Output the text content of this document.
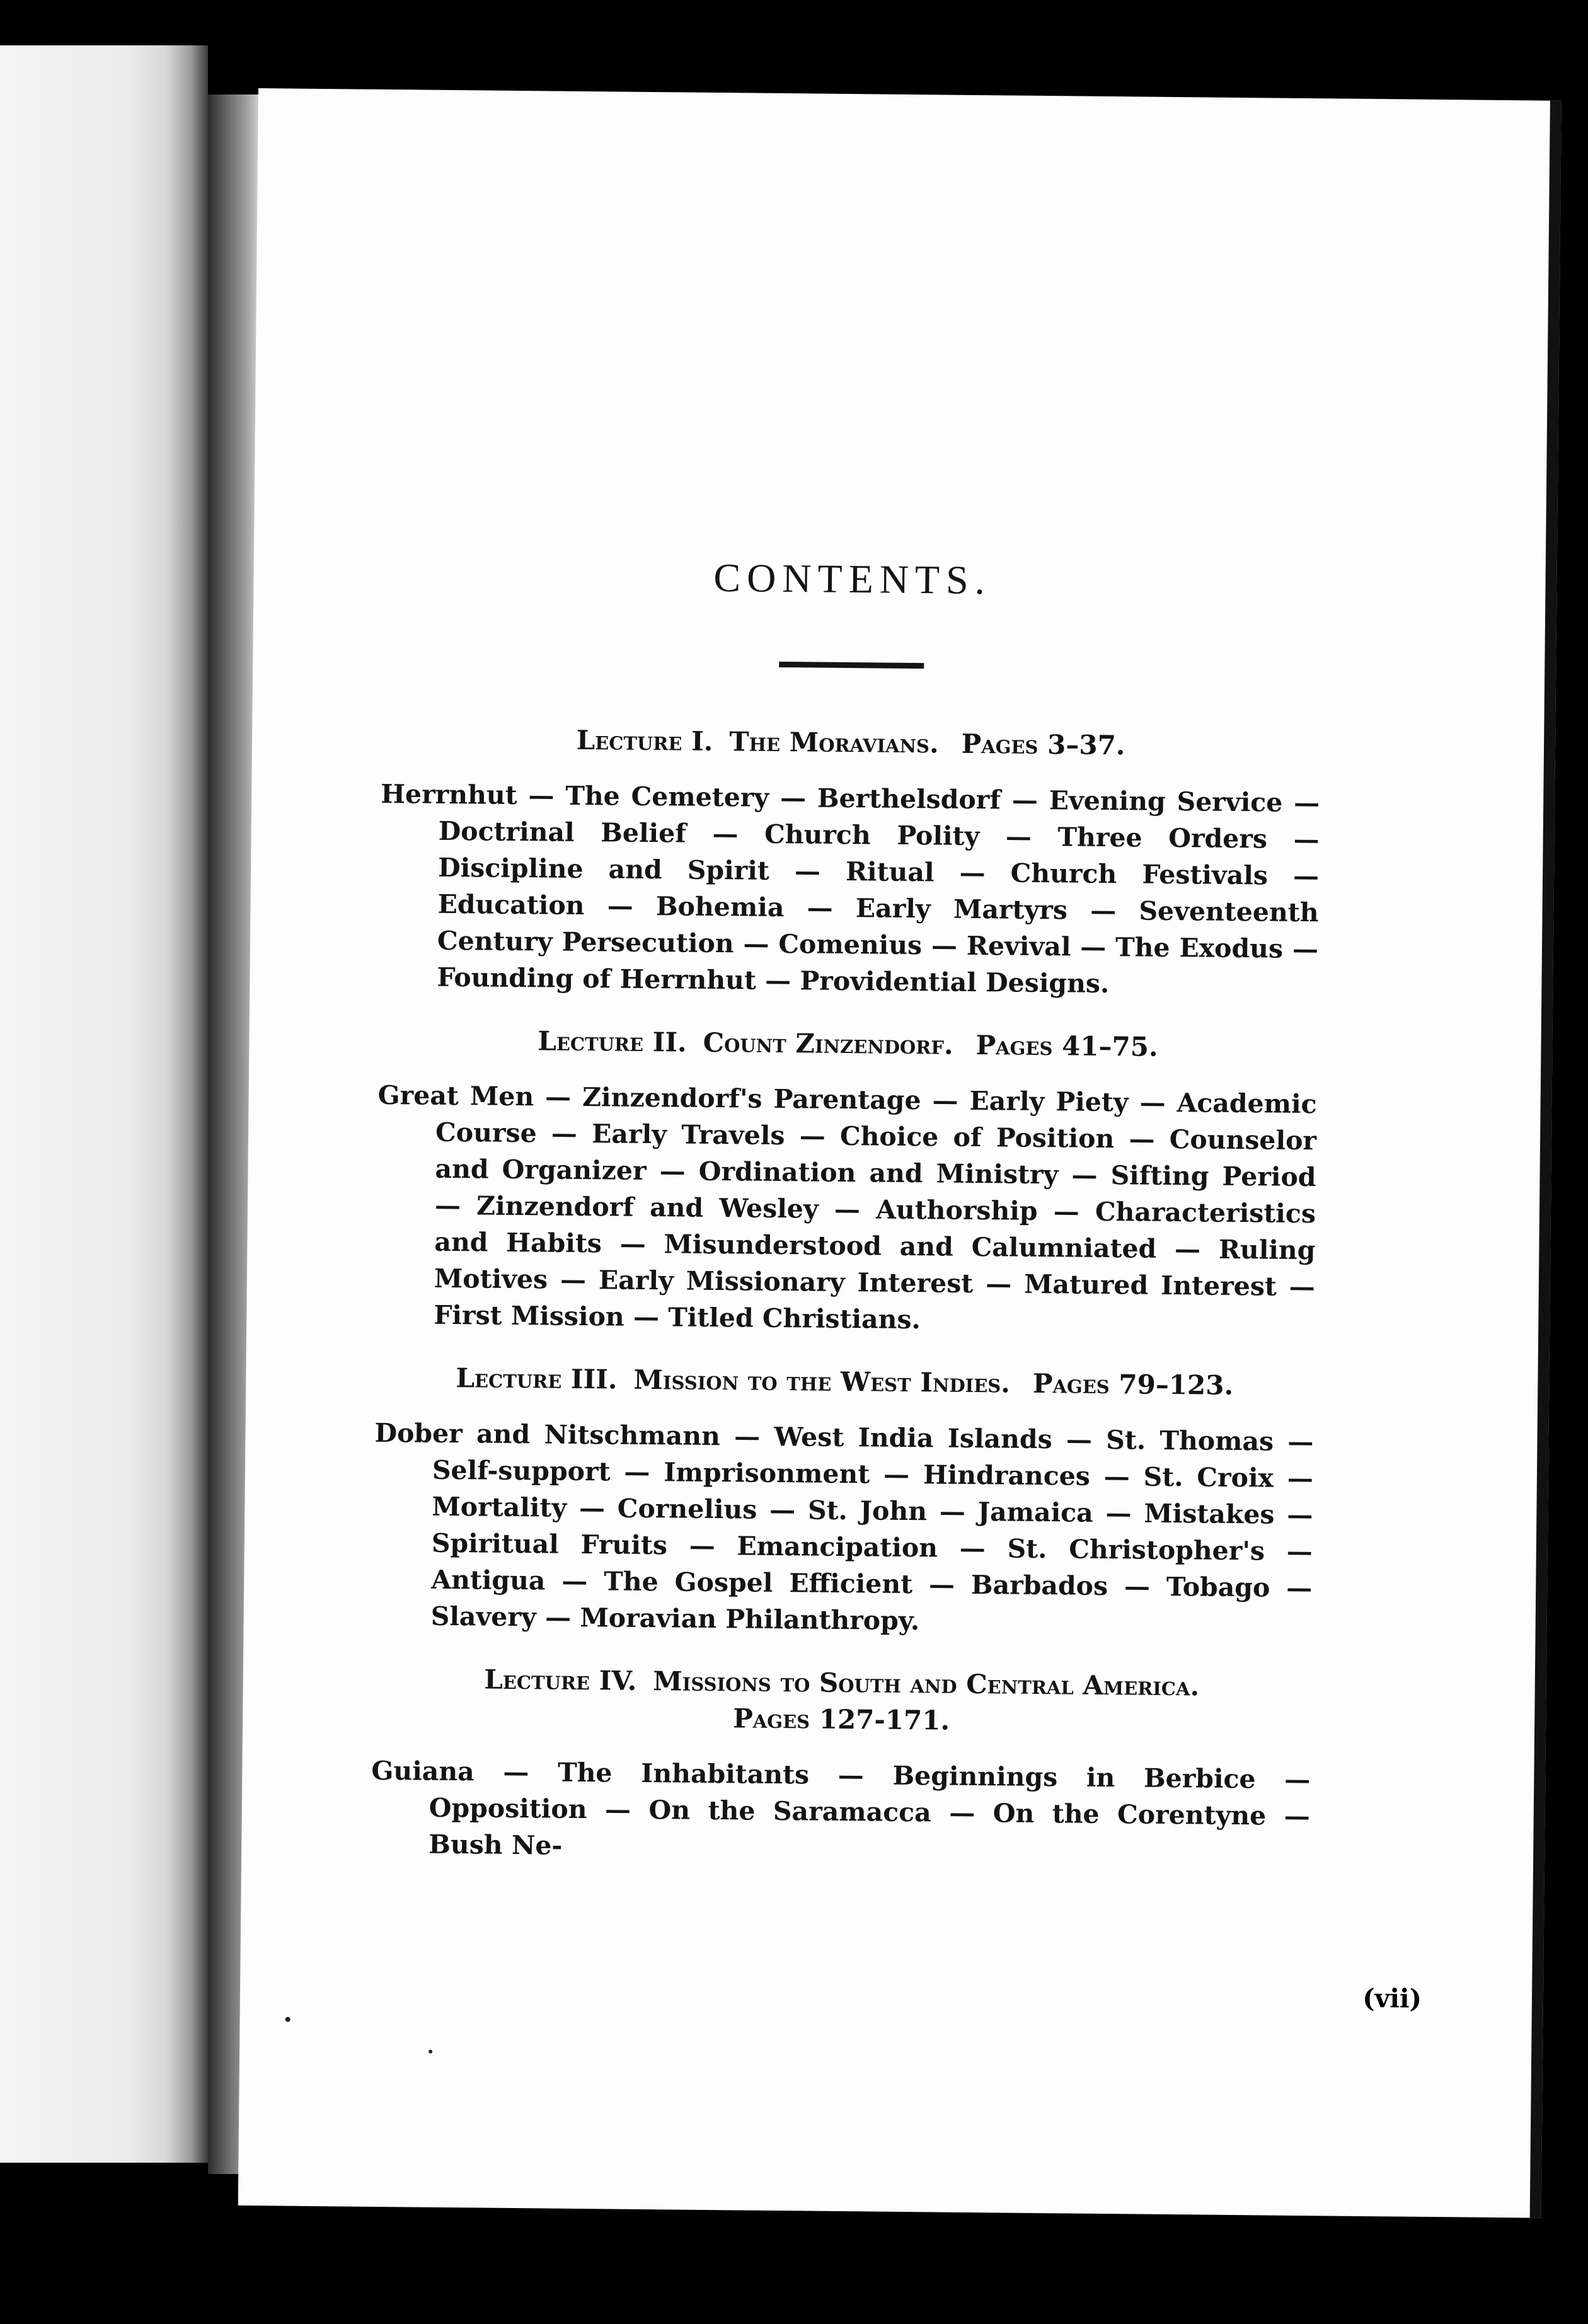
CONTENTS.
Lecture I. The Moravians. Pages 3–37.

Herrnhut — The Cemetery — Berthelsdorf — Evening Service — Doctrinal Belief — Church Polity — Three Orders — Discipline and Spirit — Ritual — Church Festivals — Education — Bohemia — Early Martyrs — Seventeenth Century Persecution — Comenius — Revival — The Exodus — Founding of Herrnhut — Providential Designs.

Lecture II. Count Zinzendorf. Pages 41–75.

Great Men — Zinzendorf's Parentage — Early Piety — Academic Course — Early Travels — Choice of Position — Counselor and Organizer — Ordination and Ministry — Sifting Period — Zinzendorf and Wesley — Authorship — Characteristics and Habits — Misunderstood and Calumniated — Ruling Motives — Early Missionary Interest — Matured Interest — First Mission — Titled Christians.

Lecture III. Mission to the West Indies. Pages 79–123.

Dober and Nitschmann — West India Islands — St. Thomas — Self-support — Imprisonment — Hindrances — St. Croix — Mortality — Cornelius — St. John — Jamaica — Mistakes — Spiritual Fruits — Emancipation — St. Christopher's — Antigua — The Gospel Efficient — Barbados — Tobago — Slavery — Moravian Philanthropy.

Lecture IV. Missions to South and Central America.
Pages 127-171.

Guiana — The Inhabitants — Beginnings in Berbice — Opposition — On the Saramacca — On the Corentyne — Bush Ne-

(vii)
